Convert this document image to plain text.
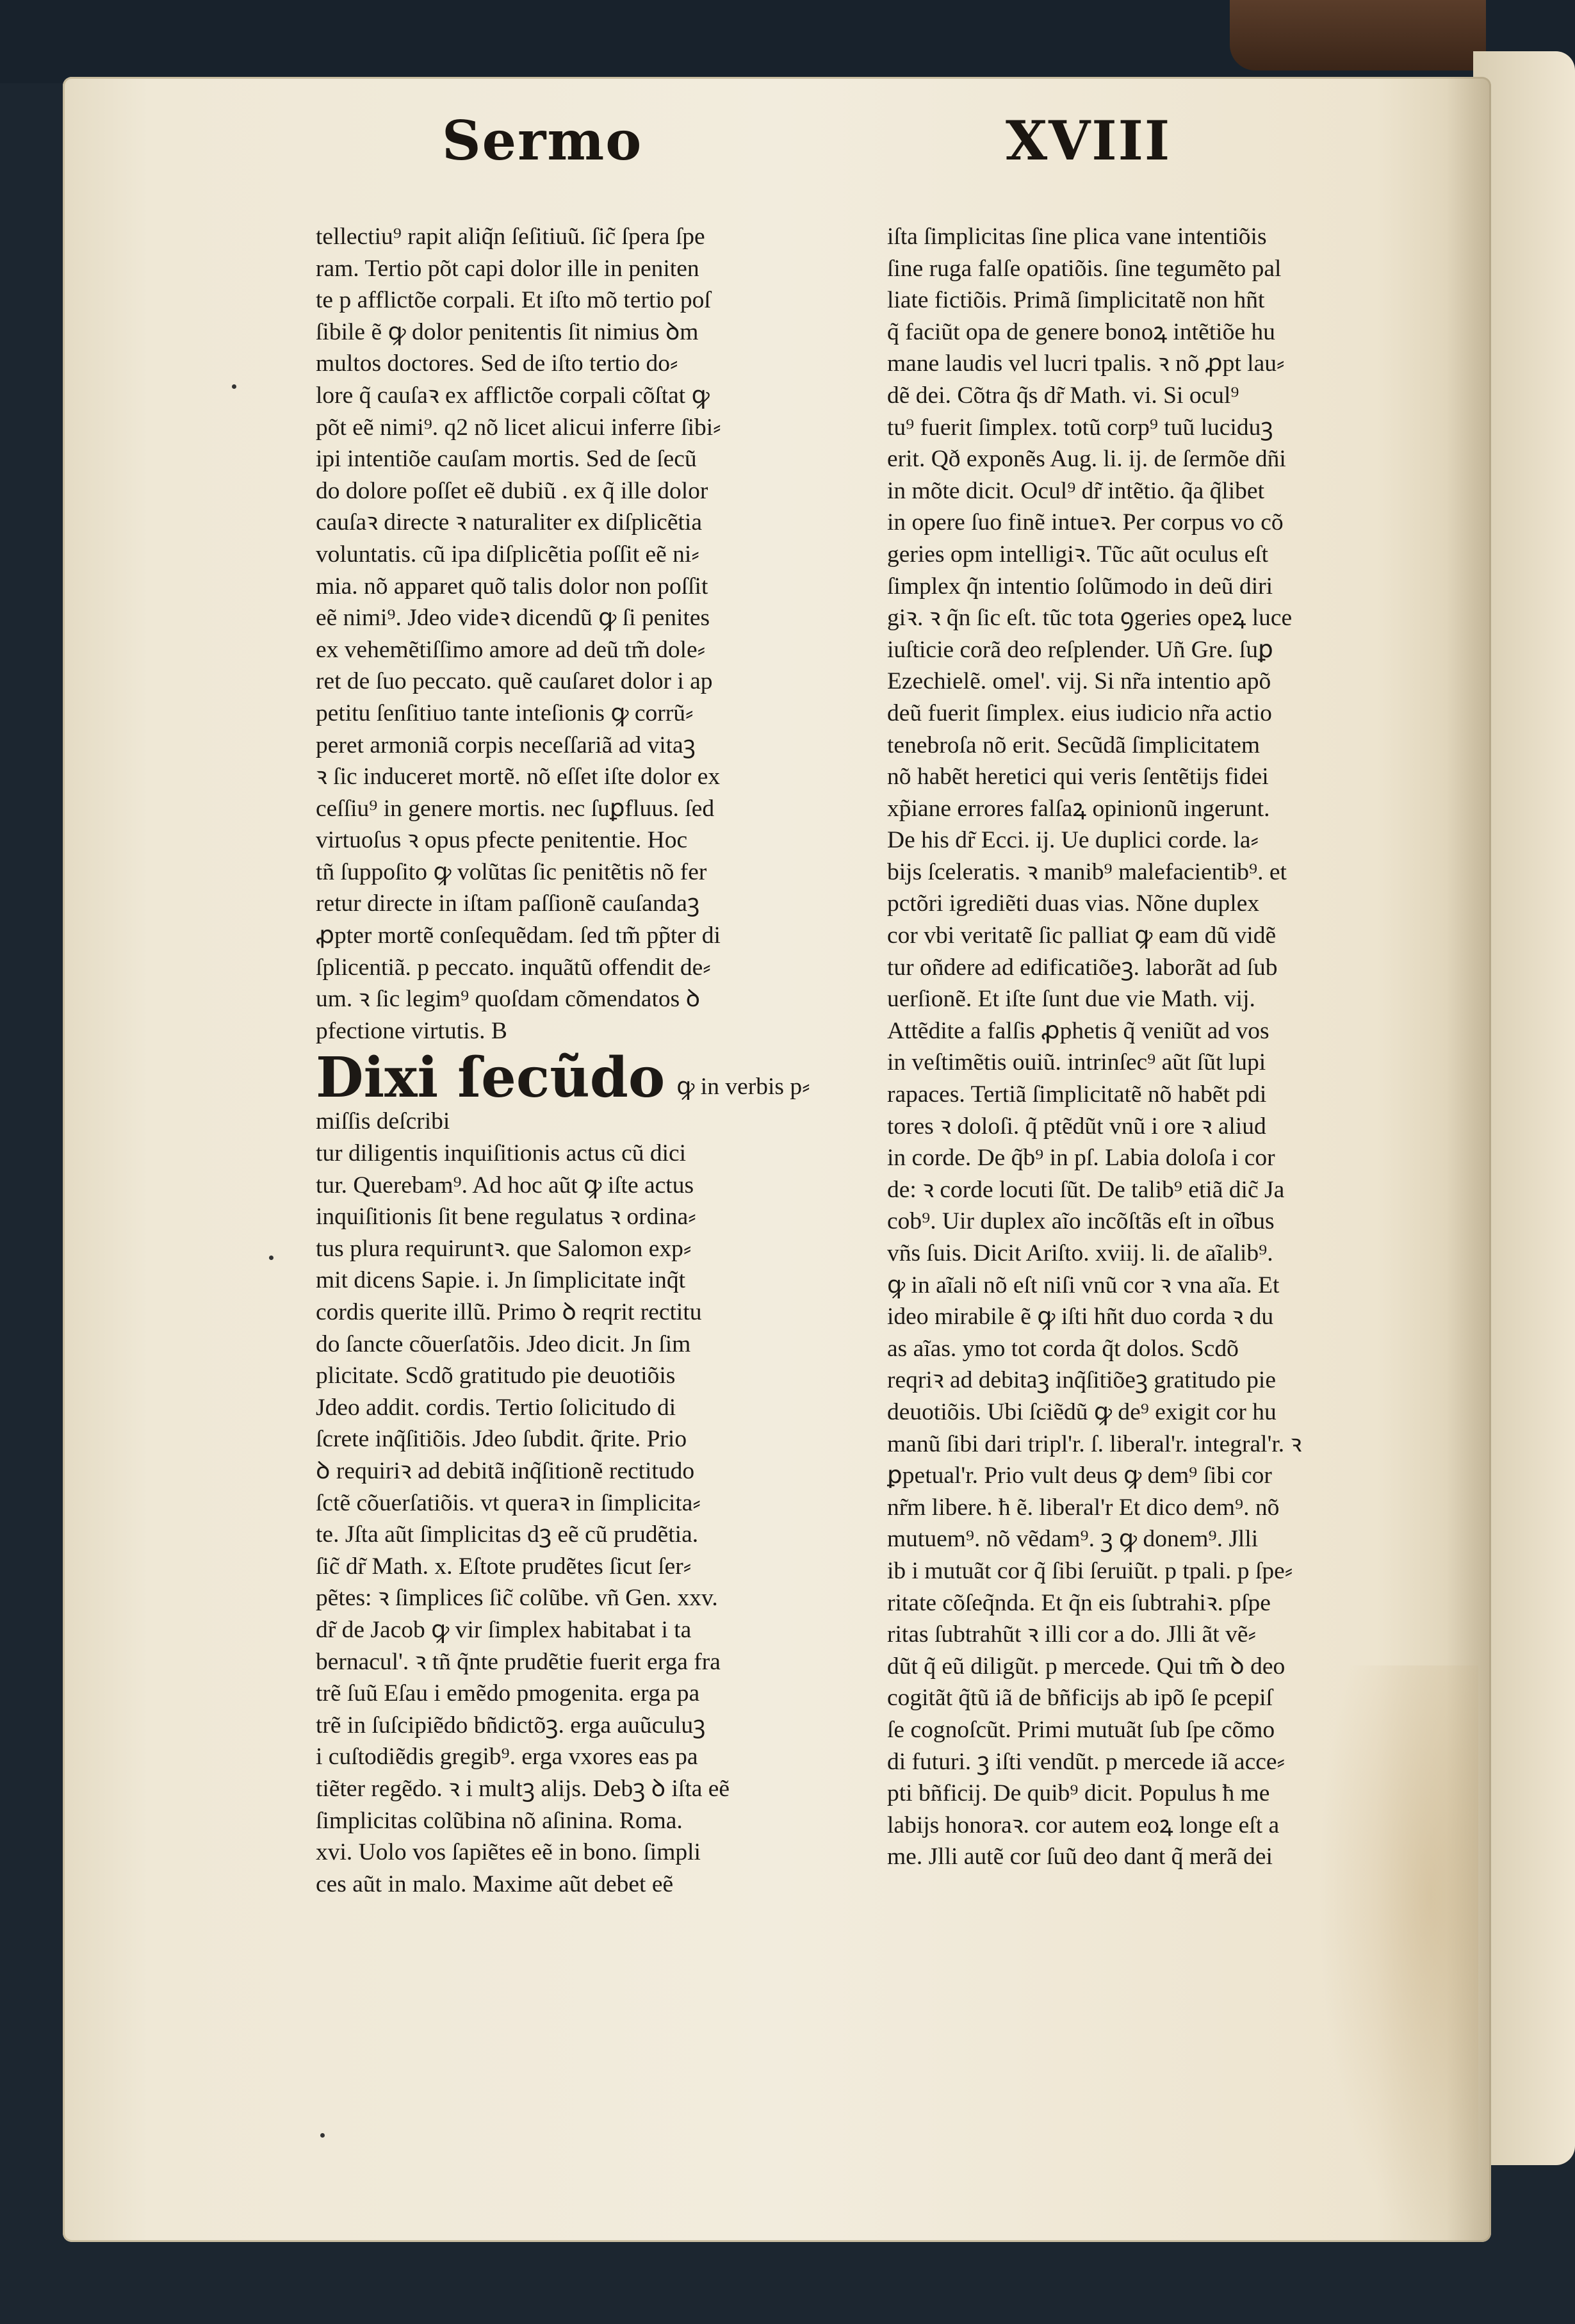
Sermo	XVIII
tellectiu⁹ rapit aliq̃n ſeſitiuũ. ſic̃ ſpera ſpe
ram. Tertio põt capi dolor ille in peniten
te p afflictõe corpali. Et iſto mõ tertio poſ
ſibile ẽ ꝙ dolor penitentis ſit nimius ꝺm
multos doctores. Sed de iſto tertio do⸗
lore q̃ cauſaꝛ ex afflictõe corpali cõſtat ꝙ
põt eẽ nimi⁹. q2 nõ licet alicui inferre ſibi⸗
ipi intentiõe cauſam mortis. Sed de ſecũ
do dolore poſſet eẽ dubiũ . ex q̃ ille dolor
cauſaꝛ directe ꝛ naturaliter ex diſplicẽtia
voluntatis. cũ ipa diſplicẽtia poſſit eẽ ni⸗
mia. nõ apparet quõ talis dolor non poſſit
eẽ nimi⁹. Jdeo videꝛ dicendũ ꝙ ſi penites
ex vehemẽtiſſimo amore ad deũ tm̃ dole⸗
ret de ſuo peccato. quẽ cauſaret dolor i ap
petitu ſenſitiuo tante inteſionis ꝙ corrũ⸗
peret armoniã corpis neceſſariã ad vitaꝫ
ꝛ ſic induceret mortẽ. nõ eſſet iſte dolor ex
ceſſiu⁹ in genere mortis. nec ſuꝑfluus. ſed
virtuoſus ꝛ opus pfecte penitentie. Hoc
tñ ſuppoſito ꝙ volũtas ſic penitẽtis nõ fer
retur directe in iſtam paſſionẽ cauſandaꝫ
ꝓpter mortẽ conſequẽdam. ſed tm̃ pp̃ter di
ſplicentiã. p peccato. inquãtũ offendit de⸗
um. ꝛ ſic legim⁹ quoſdam cõmendatos ꝺ
pfectione virtutis. B
Dixi ſecũdo ꝙ in verbis p⸗
miſſis deſcribi
tur diligentis inquiſitionis actus cũ dici
tur. Querebam⁹. Ad hoc aũt ꝙ iſte actus
inquiſitionis ſit bene regulatus ꝛ ordina⸗
tus plura requiruntꝛ. que Salomon exp⸗
mit dicens Sapie. i. Jn ſimplicitate inq̃t
cordis querite illũ. Primo ꝺ reqrit rectitu
do ſancte cõuerſatõis. Jdeo dicit. Jn ſim
plicitate. Scdõ gratitudo pie deuotiõis
Jdeo addit. cordis. Tertio ſolicitudo di
ſcrete inq̃ſitiõis. Jdeo ſubdit. q̃rite. Prio
ꝺ requiriꝛ ad debitã inq̃ſitionẽ rectitudo
ſctẽ cõuerſatiõis. vt queraꝛ in ſimplicita⸗
te. Jſta aũt ſimplicitas dꝫ eẽ cũ prudẽtia.
ſic̃ dr̃ Math. x. Eſtote prudẽtes ſicut ſer⸗
pẽtes: ꝛ ſimplices ſic̃ colũbe. vñ Gen. xxv.
dr̃ de Jacob ꝙ vir ſimplex habitabat i ta
bernacul'. ꝛ tñ q̃nte prudẽtie fuerit erga fra
trẽ ſuũ Eſau i emẽdo pmogenita. erga pa
trẽ in ſuſcipiẽdo bñdictõꝫ. erga auũculuꝫ
i cuſtodiẽdis gregib⁹. erga vxores eas pa
tiẽter regẽdo. ꝛ i multꝫ alijs. Debꝫ ꝺ iſta eẽ
ſimplicitas colũbina nõ aſinina. Roma.
xvi. Uolo vos ſapiẽtes eẽ in bono. ſimpli
ces aũt in malo. Maxime aũt debet eẽ
iſta ſimplicitas ſine plica vane intentiõis
ſine ruga falſe opatiõis. ſine tegumẽto pal
liate fictiõis. Primã ſimplicitatẽ non hñt
q̃ faciũt opa de genere bonoꝝ intẽtiõe hu
mane laudis vel lucri tpalis. ꝛ nõ ꝓpt lau⸗
dẽ dei. Cõtra q̃s dr̃ Math. vi. Si ocul⁹
tu⁹ fuerit ſimplex. totũ corp⁹ tuũ luciduꝫ
erit. Qð exponẽs Aug. li. ij. de ſermõe dñi
in mõte dicit. Ocul⁹ dr̃ intẽtio. q̃a q̃libet
in opere ſuo finẽ intueꝛ. Per corpus vo cõ
geries opm intelligiꝛ. Tũc aũt oculus eſt
ſimplex q̃n intentio ſolũmodo in deũ diri
giꝛ. ꝛ q̃n ſic eſt. tũc tota ꝯgeries opeꝝ luce
iuſticie corã deo reſplender. Uñ Gre. ſuꝑ
Ezechielẽ. omel'. vij. Si nr̃a intentio apõ
deũ fuerit ſimplex. eius iudicio nr̃a actio
tenebroſa nõ erit. Secũdã ſimplicitatem
nõ habẽt heretici qui veris ſentẽtijs fidei
xp̃iane errores falſaꝝ opinionũ ingerunt.
De his dr̃ Ecci. ij. Ue duplici corde. la⸗
bijs ſceleratis. ꝛ manib⁹ malefacientib⁹. et
pctõri igrediẽti duas vias. Nõne duplex
cor vbi veritatẽ ſic palliat ꝙ eam dũ vidẽ
tur oñdere ad edificatiõeꝫ. laborãt ad ſub
uerſionẽ. Et iſte ſunt due vie Math. vij.
Attẽdite a falſis ꝓphetis q̃ veniũt ad vos
in veſtimẽtis ouiũ. intrinſec⁹ aũt ſũt lupi
rapaces. Tertiã ſimplicitatẽ nõ habẽt pdi
tores ꝛ doloſi. q̃ ptẽdũt vnũ i ore ꝛ aliud
in corde. De q̃b⁹ in pſ. Labia doloſa i cor
de: ꝛ corde locuti ſũt. De talib⁹ etiã dic̃ Ja
cob⁹. Uir duplex aĩo incõſtãs eſt in oĩbus
vñs ſuis. Dicit Ariſto. xviij. li. de aĩalib⁹.
ꝙ in aĩali nõ eſt niſi vnũ cor ꝛ vna aĩa. Et
ideo mirabile ẽ ꝙ iſti hñt duo corda ꝛ du
as aĩas. ymo tot corda q̃t dolos. Scdõ
reqriꝛ ad debitaꝫ inq̃ſitiõeꝫ gratitudo pie
deuotiõis. Ubi ſciẽdũ ꝙ de⁹ exigit cor hu
manũ ſibi dari tripl'r. ſ. liberal'r. integral'r. ꝛ
ꝑpetual'r. Prio vult deus ꝙ dem⁹ ſibi cor
nr̃m libere. ħ ẽ. liberal'r Et dico dem⁹. nõ
mutuem⁹. nõ vẽdam⁹. ꝫ ꝙ donem⁹. Jlli
ib i mutuãt cor q̃ ſibi ſeruiũt. p tpali. p ſpe⸗
ritate cõſeq̃nda. Et q̃n eis ſubtrahiꝛ. pſpe
ritas ſubtrahũt ꝛ illi cor a do. Jlli ãt vẽ⸗
dũt q̃ eũ diligũt. p mercede. Qui tm̃ ꝺ deo
cogitãt q̃tũ iã de bñficijs ab ipõ ſe pcepiſ
ſe cognoſcũt. Primi mutuãt ſub ſpe cõmo
di futuri. ꝫ iſti vendũt. p mercede iã acce⸗
pti bñficij. De quib⁹ dicit. Populus ħ me
labijs honoraꝛ. cor autem eoꝝ longe eſt a
me. Jlli autẽ cor ſuũ deo dant q̃ merã dei
